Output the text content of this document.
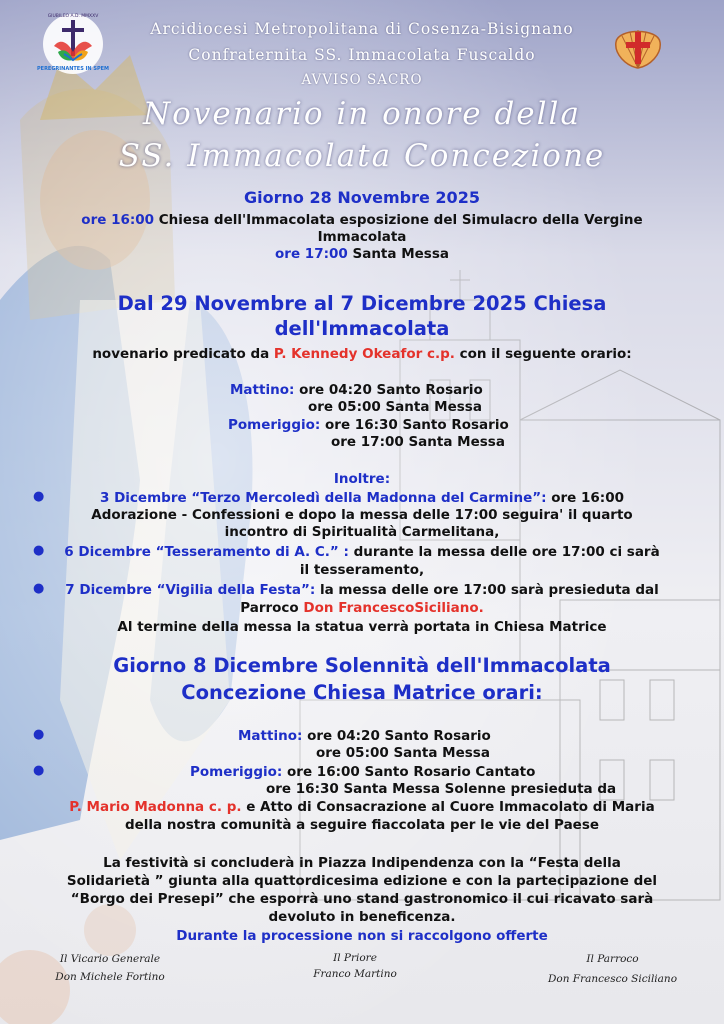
GIUBILEO A.D. MMXXV
PEREGRINANTES IN SPEM
Arcidiocesi Metropolitana di Cosenza-Bisignano
Confraternita SS. Immacolata Fuscaldo
AVVISO SACRO
Novenario in onore della
SS. Immacolata Concezione
Giorno 28 Novembre 2025
ore 16:00 Chiesa dell'Immacolata esposizione del Simulacro della Vergine
Immacolata
ore 17:00 Santa Messa
Dal 29 Novembre al 7 Dicembre 2025 Chiesa
dell'Immacolata
novenario predicato da P. Kennedy Okeafor c.p. con il seguente orario:
Mattino: ore 04:20 Santo Rosario
ore 05:00 Santa Messa
Pomeriggio: ore 16:30 Santo Rosario
ore 17:00 Santa Messa
Inoltre:
●	3 Dicembre “Terzo Mercoledì della Madonna del Carmine”: ore 16:00
Adorazione - Confessioni e dopo la messa delle 17:00 seguira' il quarto
incontro di Spiritualità Carmelitana,
●	6 Dicembre “Tesseramento di A. C.” : durante la messa delle ore 17:00 ci sarà
il tesseramento,
●	7 Dicembre “Vigilia della Festa”: la messa delle ore 17:00 sarà presieduta dal
Parroco Don FrancescoSiciliano.
Al termine della messa la statua verrà portata in Chiesa Matrice
Giorno 8 Dicembre Solennità dell'Immacolata
Concezione Chiesa Matrice orari:
●	Mattino: ore 04:20 Santo Rosario
ore 05:00 Santa Messa
●	Pomeriggio: ore 16:00 Santo Rosario Cantato
ore 16:30 Santa Messa Solenne presieduta da
P. Mario Madonna c. p. e Atto di Consacrazione al Cuore Immacolato di Maria
della nostra comunità a seguire fiaccolata per le vie del Paese
La festività si concluderà in Piazza Indipendenza con la “Festa della
Solidarietà ” giunta alla quattordicesima edizione e con la partecipazione del
“Borgo dei Presepi” che esporrà uno stand gastronomico il cui ricavato sarà
devoluto in beneficenza.
Durante la processione non si raccolgono offerte
Il Vicario Generale
Don Michele Fortino
Il Priore
Franco Martino
Il Parroco
Don Francesco Siciliano
